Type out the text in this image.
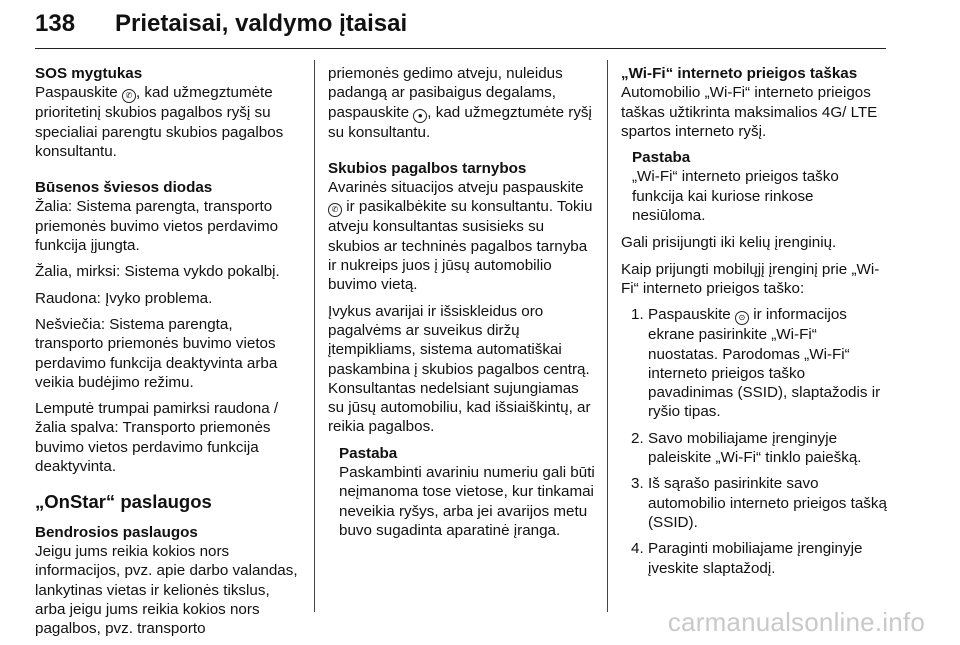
138 Prietaisai, valdymo įtaisai

SOS mygtukas
Paspauskite ✆ , kad užmegztumėte prioritetinį skubios pagalbos ryšį su specialiai parengtu skubios pagalbos konsultantu.

Būsenos šviesos diodas
Žalia: Sistema parengta, transporto priemonės buvimo vietos perdavimo funkcija įjungta.

Žalia, mirksi: Sistema vykdo pokalbį.

Raudona: Įvyko problema.

Nešviečia: Sistema parengta, transporto priemonės buvimo vietos perdavimo funkcija deaktyvinta arba veikia budėjimo režimu.

Lemputė trumpai pamirksi raudona / žalia spalva: Transporto priemonės buvimo vietos perdavimo funkcija deaktyvinta.

„OnStar“ paslaugos

Bendrosios paslaugos
Jeigu jums reikia kokios nors informacijos, pvz. apie darbo valandas, lankytinas vietas ir kelionės tikslus, arba jeigu jums reikia kokios nors pagalbos, pvz. transporto

priemonės gedimo atveju, nuleidus padangą ar pasibaigus degalams, paspauskite ● , kad užmegztumėte ryšį su konsultantu.

Skubios pagalbos tarnybos
Avarinės situacijos atveju paspauskite ✆ ir pasikalbėkite su konsultantu. Tokiu atveju konsultantas susisieks su skubios ar techninės pagalbos tarnyba ir nukreips juos į jūsų automobilio buvimo vietą.

Įvykus avarijai ir išsiskleidus oro pagalvėms ar suveikus diržų įtempikliams, sistema automatiškai paskambina į skubios pagalbos centrą. Konsultantas nedelsiant sujungiamas su jūsų automobiliu, kad išsiaiškintų, ar reikia pagalbos.

Pastaba
Paskambinti avariniu numeriu gali būti neįmanoma tose vietose, kur tinkamai neveikia ryšys, arba jei avarijos metu buvo sugadinta aparatinė įranga.

„Wi-Fi“ interneto prieigos taškas
Automobilio „Wi-Fi“ interneto prieigos taškas užtikrinta maksimalios 4G/ LTE spartos interneto ryšį.

Pastaba
„Wi-Fi“ interneto prieigos taško funkcija kai kuriose rinkose nesiūloma.

Gali prisijungti iki kelių įrenginių.

Kaip prijungti mobilųjį įrenginį prie „Wi-Fi“ interneto prieigos taško:

1. Paspauskite ⊙ ir informacijos ekrane pasirinkite „Wi-Fi“ nuostatas. Parodomas „Wi-Fi“ interneto prieigos taško pavadinimas (SSID), slaptažodis ir ryšio tipas.
2. Savo mobiliajame įrenginyje paleiskite „Wi-Fi“ tinklo paiešką.
3. Iš sąrašo pasirinkite savo automobilio interneto prieigos tašką (SSID).
4. Paraginti mobiliajame įrenginyje įveskite slaptažodį.
carmanualsonline.info
